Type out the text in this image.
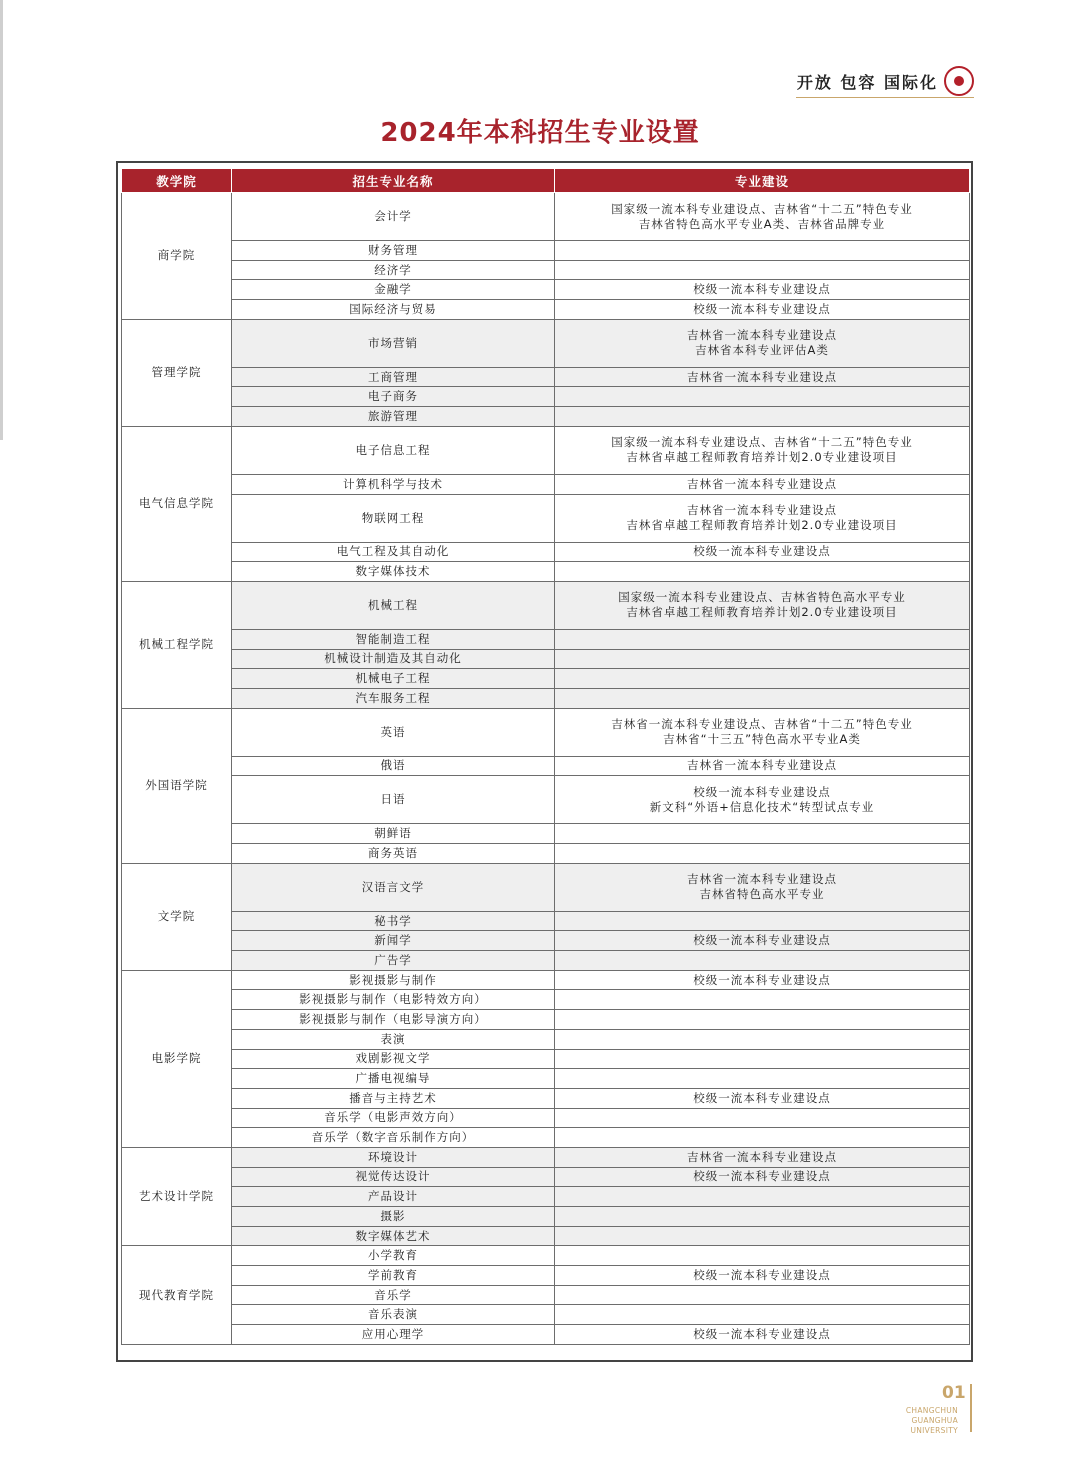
开放 包容 国际化
2024年本科招生专业设置
教学院	招生专业名称	专业建设
商学院	会计学	国家级一流本科专业建设点、吉林省“十二五”特色专业
吉林省特色高水平专业A类、吉林省品牌专业

	财务管理	
	经济学	
	金融学	校级一流本科专业建设点

	国际经济与贸易	校级一流本科专业建设点

管理学院	市场营销	吉林省一流本科专业建设点
吉林省本科专业评估A类

	工商管理	吉林省一流本科专业建设点

	电子商务	
	旅游管理	
电气信息学院	电子信息工程	国家级一流本科专业建设点、吉林省“十二五”特色专业
吉林省卓越工程师教育培养计划2.0专业建设项目

	计算机科学与技术	吉林省一流本科专业建设点

	物联网工程	吉林省一流本科专业建设点
吉林省卓越工程师教育培养计划2.0专业建设项目

	电气工程及其自动化	校级一流本科专业建设点

	数字媒体技术	
机械工程学院	机械工程	国家级一流本科专业建设点、吉林省特色高水平专业
吉林省卓越工程师教育培养计划2.0专业建设项目

	智能制造工程	
	机械设计制造及其自动化	
	机械电子工程	
	汽车服务工程	
外国语学院	英语	吉林省一流本科专业建设点、吉林省“十二五”特色专业
吉林省“十三五”特色高水平专业A类

	俄语	吉林省一流本科专业建设点

	日语	校级一流本科专业建设点
新文科“外语+信息化技术“转型试点专业

	朝鲜语	
	商务英语	
文学院	汉语言文学	吉林省一流本科专业建设点
吉林省特色高水平专业

	秘书学	
	新闻学	校级一流本科专业建设点

	广告学	
电影学院	影视摄影与制作	校级一流本科专业建设点

	影视摄影与制作（电影特效方向）	
	影视摄影与制作（电影导演方向）	
	表演	
	戏剧影视文学	
	广播电视编导	
	播音与主持艺术	校级一流本科专业建设点

	音乐学（电影声效方向）	
	音乐学（数字音乐制作方向）	
艺术设计学院	环境设计	吉林省一流本科专业建设点

	视觉传达设计	校级一流本科专业建设点

	产品设计	
	摄影	
	数字媒体艺术	
现代教育学院	小学教育	
	学前教育	校级一流本科专业建设点

	音乐学	
	音乐表演	
	应用心理学	校级一流本科专业建设点
01
CHANGCHUN
GUANGHUA UNIVERSITY
